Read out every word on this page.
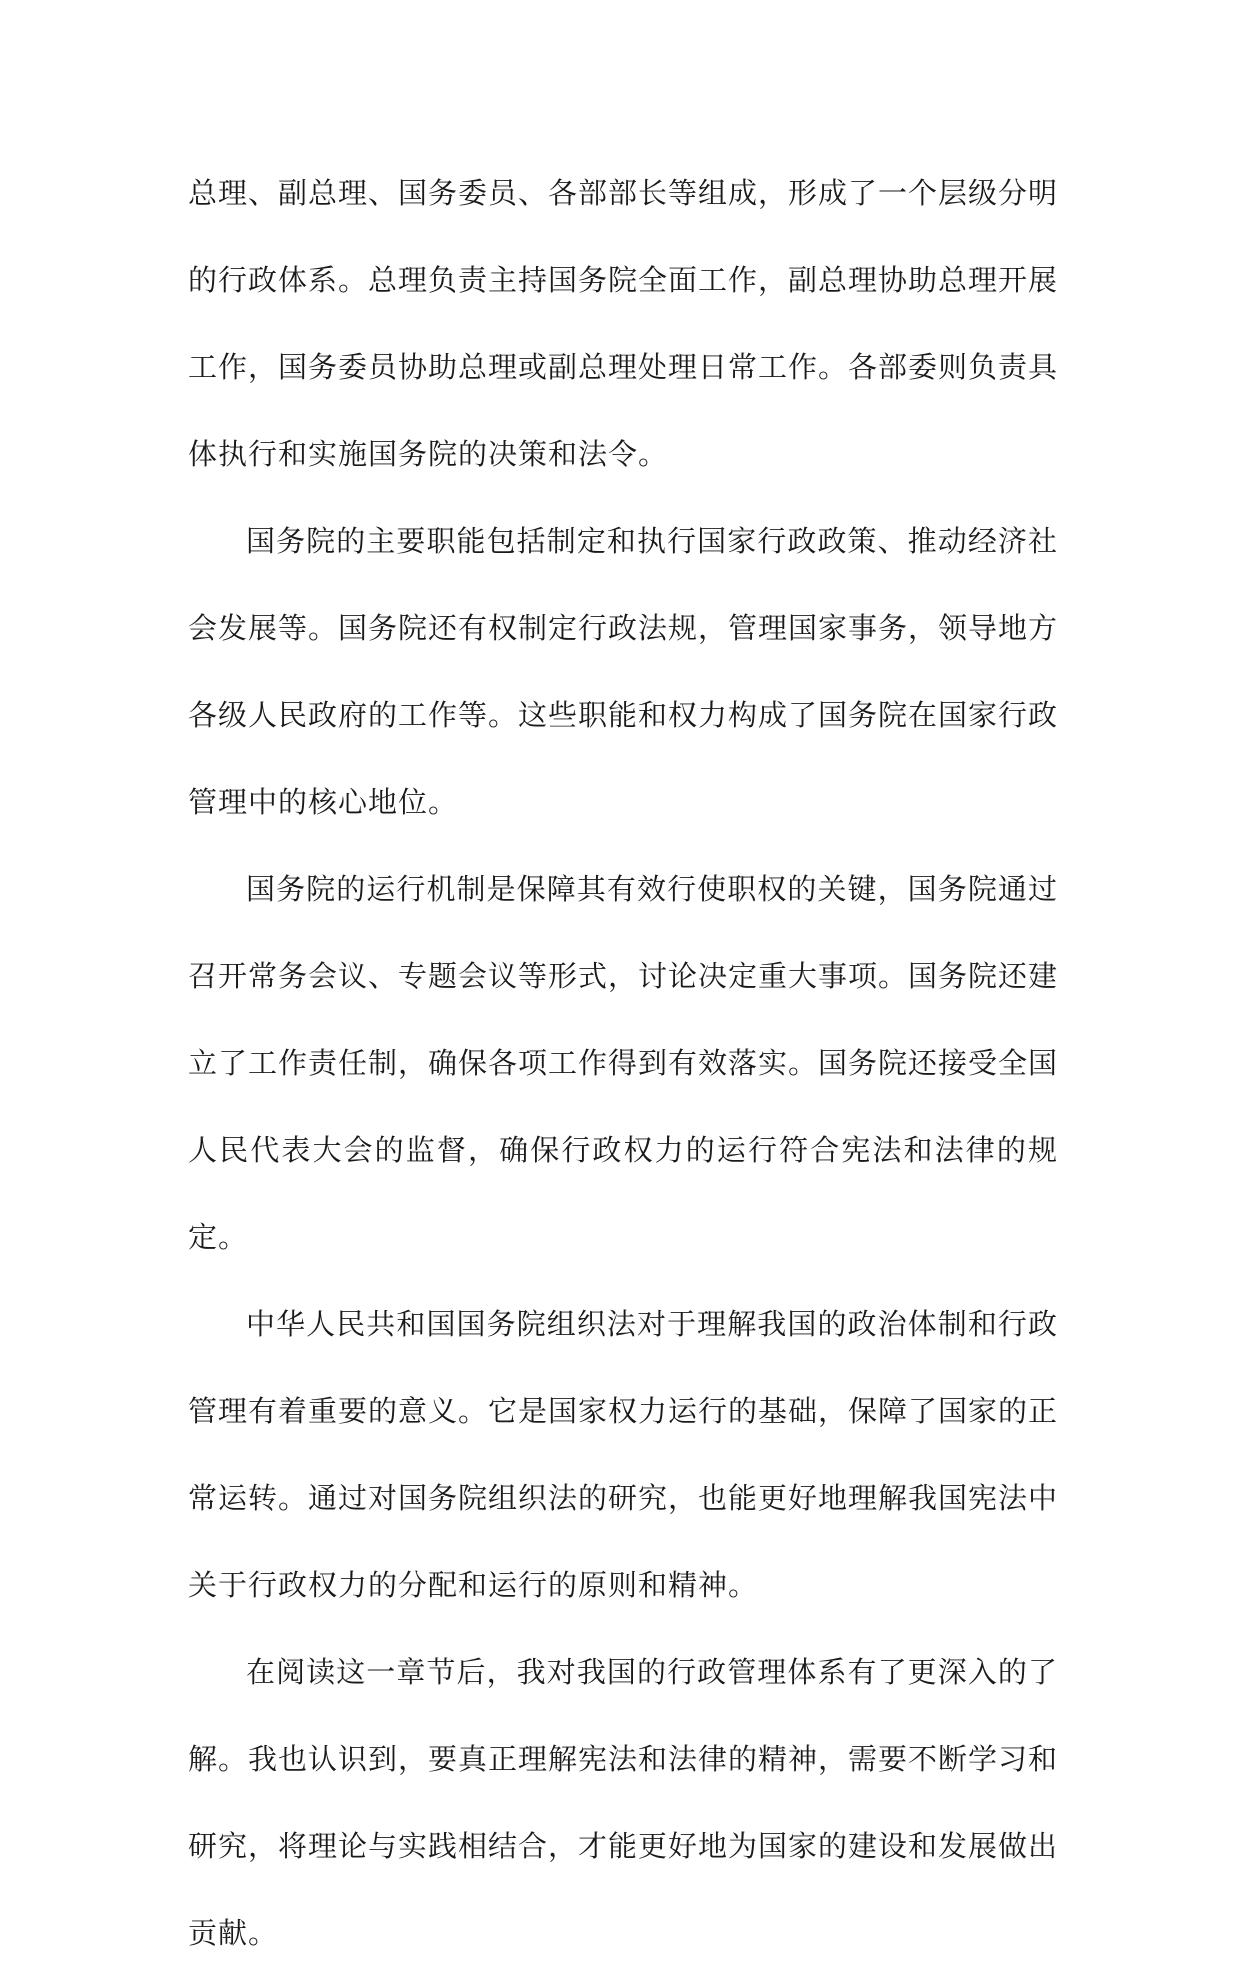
总理、副总理、国务委员、各部部长等组成，形成了一个层级分明的行政体系。总理负责主持国务院全面工作，副总理协助总理开展工作，国务委员协助总理或副总理处理日常工作。各部委则负责具体执行和实施国务院的决策和法令。

国务院的主要职能包括制定和执行国家行政政策、推动经济社会发展等。国务院还有权制定行政法规，管理国家事务，领导地方各级人民政府的工作等。这些职能和权力构成了国务院在国家行政管理中的核心地位。

国务院的运行机制是保障其有效行使职权的关键，国务院通过召开常务会议、专题会议等形式，讨论决定重大事项。国务院还建立了工作责任制，确保各项工作得到有效落实。国务院还接受全国人民代表大会的监督，确保行政权力的运行符合宪法和法律的规定。

中华人民共和国国务院组织法对于理解我国的政治体制和行政管理有着重要的意义。它是国家权力运行的基础，保障了国家的正常运转。通过对国务院组织法的研究，也能更好地理解我国宪法中关于行政权力的分配和运行的原则和精神。

在阅读这一章节后，我对我国的行政管理体系有了更深入的了解。我也认识到，要真正理解宪法和法律的精神，需要不断学习和研究，将理论与实践相结合，才能更好地为国家的建设和发展做出贡献。
